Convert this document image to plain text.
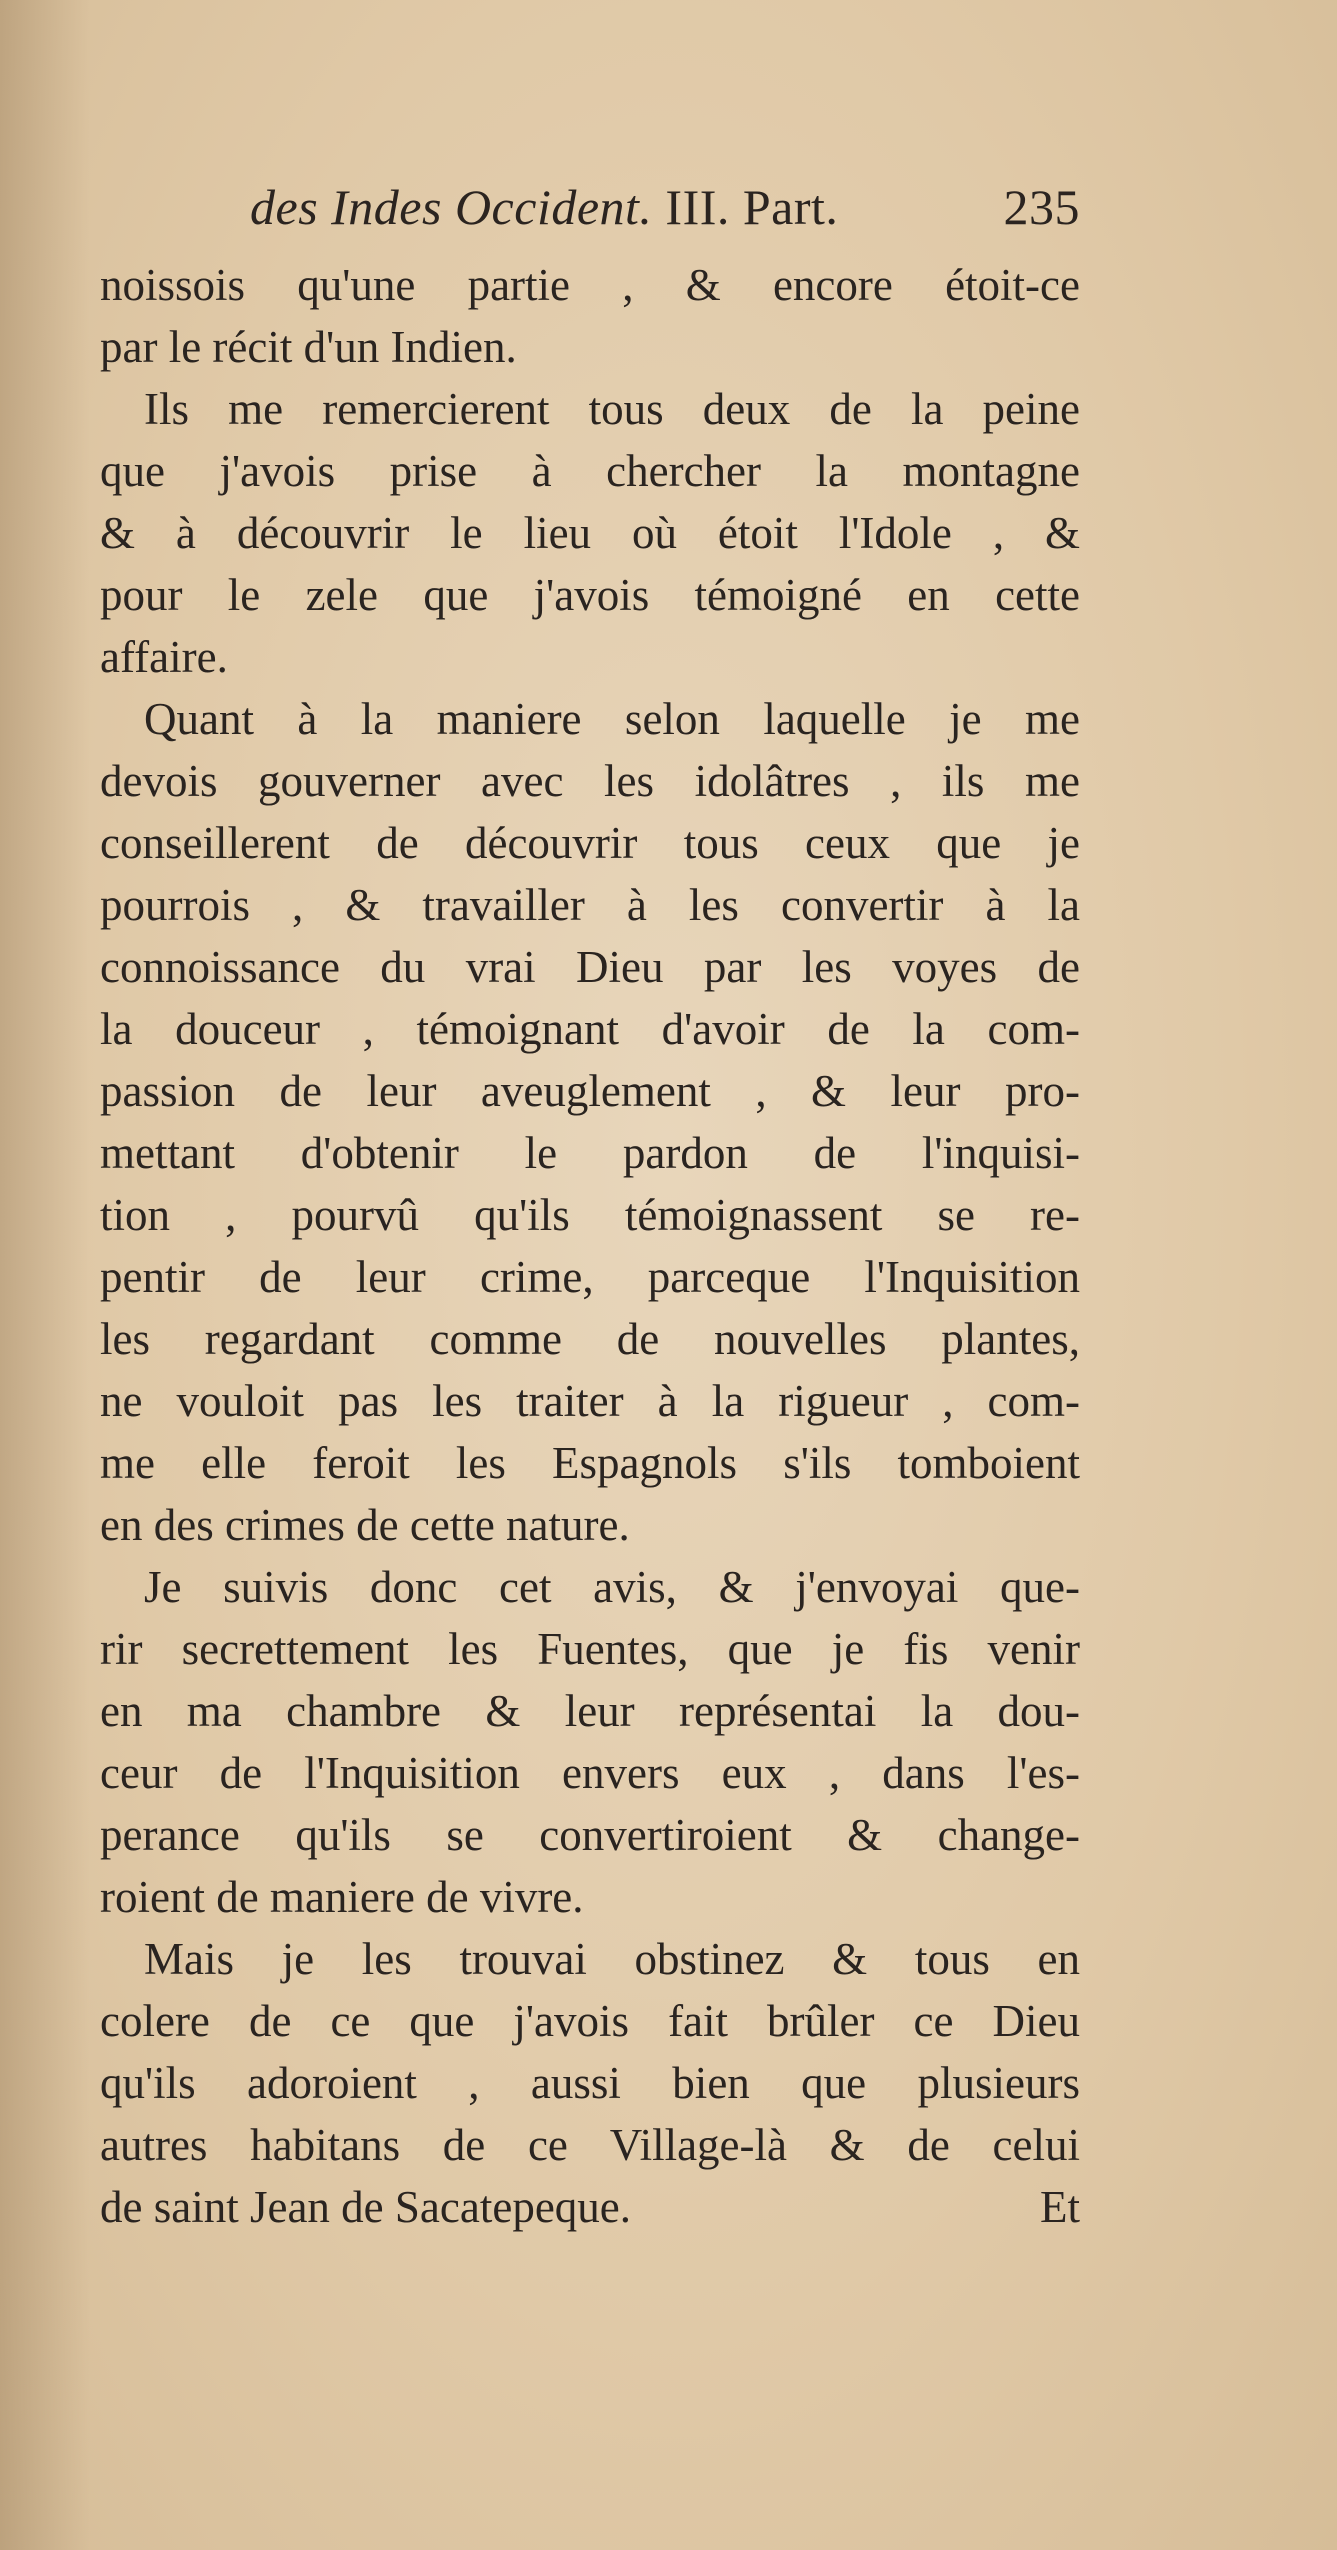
des Indes Occident. III. Part.	235
noissois qu'une partie , & encore étoit-ce
par le récit d'un Indien.
Ils me remercierent tous deux de la peine
que j'avois prise à chercher la montagne
& à découvrir le lieu où étoit l'Idole , &
pour le zele que j'avois témoigné en cette
affaire.
Quant à la maniere selon laquelle je me
devois gouverner avec les idolâtres , ils me
conseillerent de découvrir tous ceux que je
pourrois , & travailler à les convertir à la
connoissance du vrai Dieu par les voyes de
la douceur , témoignant d'avoir de la com-
passion de leur aveuglement , & leur pro-
mettant d'obtenir le pardon de l'inquisi-
tion , pourvû qu'ils témoignassent se re-
pentir de leur crime, parceque l'Inquisition
les regardant comme de nouvelles plantes,
ne vouloit pas les traiter à la rigueur , com-
me elle feroit les Espagnols s'ils tomboient
en des crimes de cette nature.
Je suivis donc cet avis, & j'envoyai que-
rir secrettement les Fuentes, que je fis venir
en ma chambre & leur représentai la dou-
ceur de l'Inquisition envers eux , dans l'es-
perance qu'ils se convertiroient & change-
roient de maniere de vivre.
Mais je les trouvai obstinez & tous en
colere de ce que j'avois fait brûler ce Dieu
qu'ils adoroient , aussi bien que plusieurs
autres habitans de ce Village-là & de celui
de saint Jean de Sacatepeque.	Et
